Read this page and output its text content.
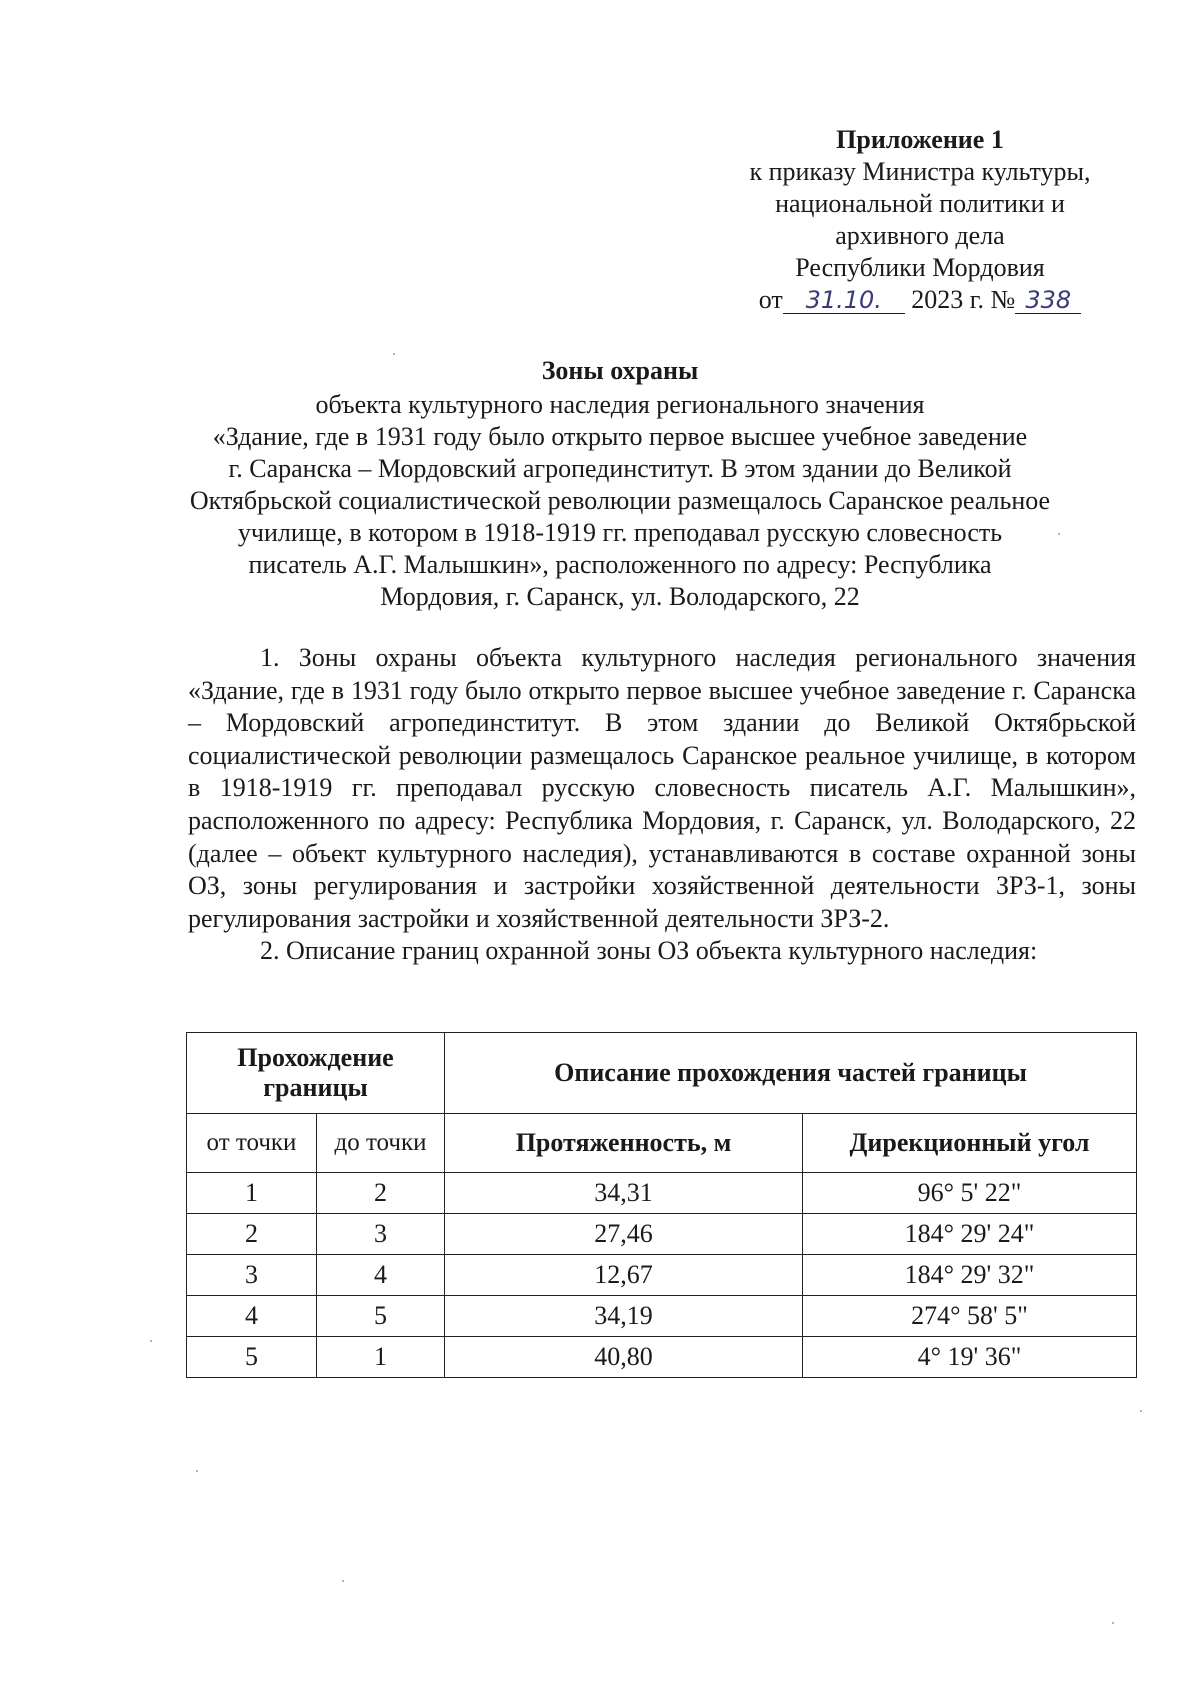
Приложение 1
к приказу Министра культуры,
национальной политики и
архивного дела
Республики Мордовия
от 31.10. 2023 г. № 338
Зоны охраны
объекта культурного наследия регионального значения
«Здание, где в 1931 году было открыто первое высшее учебное заведение
г. Саранска – Мордовский агропединститут. В этом здании до Великой
Октябрьской социалистической революции размещалось Саранское реальное
училище, в котором в 1918-1919 гг. преподавал русскую словесность
писатель А.Г. Малышкин», расположенного по адресу: Республика
Мордовия, г. Саранск, ул. Володарского, 22

1. Зоны охраны объекта культурного наследия регионального значения «Здание, где в 1931 году было открыто первое высшее учебное заведение г. Саранска – Мордовский агропединститут. В этом здании до Великой Октябрьской социалистической революции размещалось Саранское реальное училище, в котором в 1918-1919 гг. преподавал русскую словесность писатель А.Г. Малышкин», расположенного по адресу: Республика Мордовия, г. Саранск, ул. Володарского, 22 (далее – объект культурного наследия), устанавливаются в составе охранной зоны ОЗ, зоны регулирования и застройки хозяйственной деятельности ЗРЗ-1, зоны регулирования застройки и хозяйственной деятельности ЗРЗ-2.

2. Описание границ охранной зоны ОЗ объекта культурного наследия:

Прохождение границы		Описание прохождения частей границы	
от точки	до точки	Протяженность, м	Дирекционный угол
1	2	34,31	96° 5' 22"
2	3	27,46	184° 29' 24"
3	4	12,67	184° 29' 32"
4	5	34,19	274° 58' 5"
5	1	40,80	4° 19' 36"
